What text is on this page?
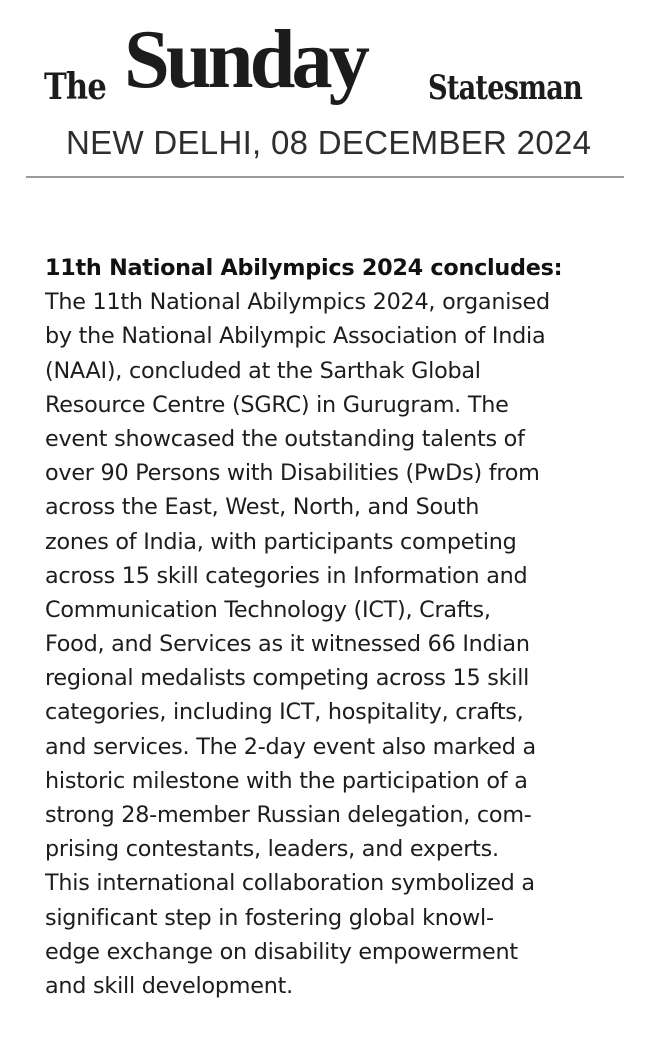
The Sunday Statesman
NEW DELHI, 08 DECEMBER 2024
11th National Abilympics 2024 concludes:
The 11th National Abilympics 2024, organised
by the National Abilympic Association of India
(NAAI), concluded at the Sarthak Global
Resource Centre (SGRC) in Gurugram. The
event showcased the outstanding talents of
over 90 Persons with Disabilities (PwDs) from
across the East, West, North, and South
zones of India, with participants competing
across 15 skill categories in Information and
Communication Technology (ICT), Crafts,
Food, and Services as it witnessed 66 Indian
regional medalists competing across 15 skill
categories, including ICT, hospitality, crafts,
and services. The 2-day event also marked a
historic milestone with the participation of a
strong 28-member Russian delegation, com-
prising contestants, leaders, and experts.
This international collaboration symbolized a
significant step in fostering global knowl-
edge exchange on disability empowerment
and skill development.
